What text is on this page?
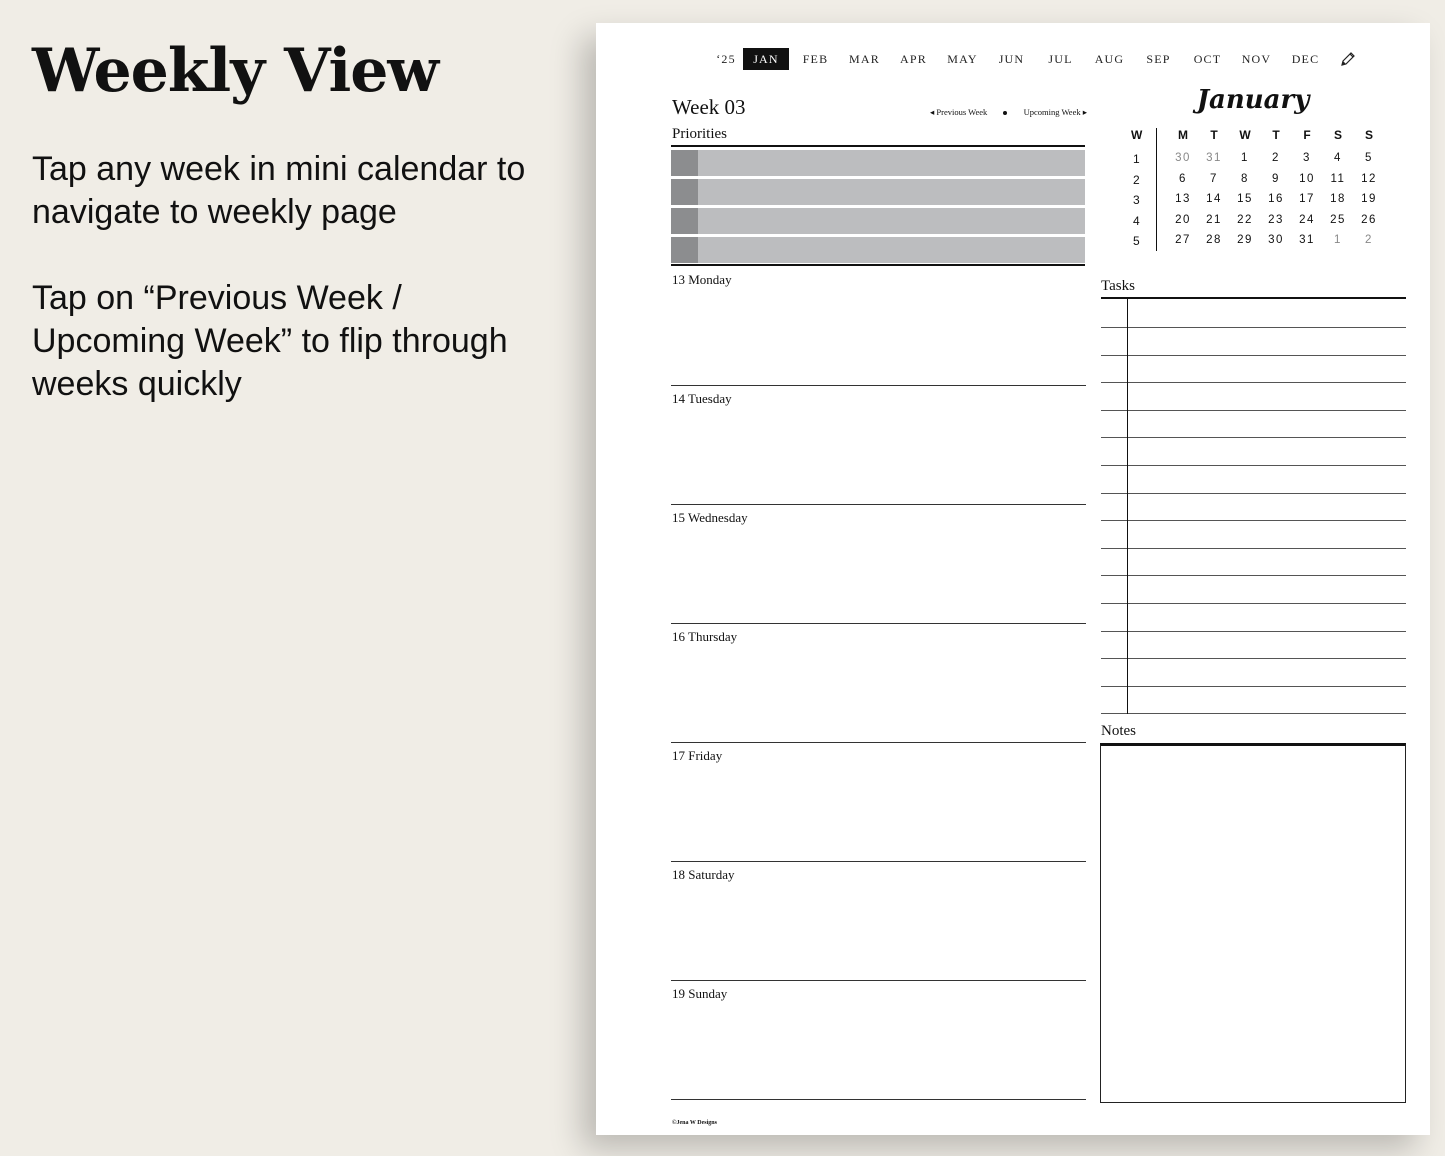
Weekly View

Tap any week in mini calendar to navigate to weekly page

Tap on “Previous Week / Upcoming Week” to flip through weeks quickly

‘25	JAN	FEB	MAR	APR	MAY	JUN	JUL	AUG	SEP	OCT	NOV	DEC
Week 03	◂ Previous Week	Upcoming Week ▸
Priorities
13 Monday
14 Tuesday
15 Wednesday
16 Thursday
17 Friday
18 Saturday
19 Sunday
January
W	M	T	W	T	F	S	S
1	30	31	1	2	3	4	5
2	6	7	8	9	10	11	12
3	13	14	15	16	17	18	19
4	20	21	22	23	24	25	26
5	27	28	29	30	31	1	2
Tasks
Notes
©Jena W Designs
